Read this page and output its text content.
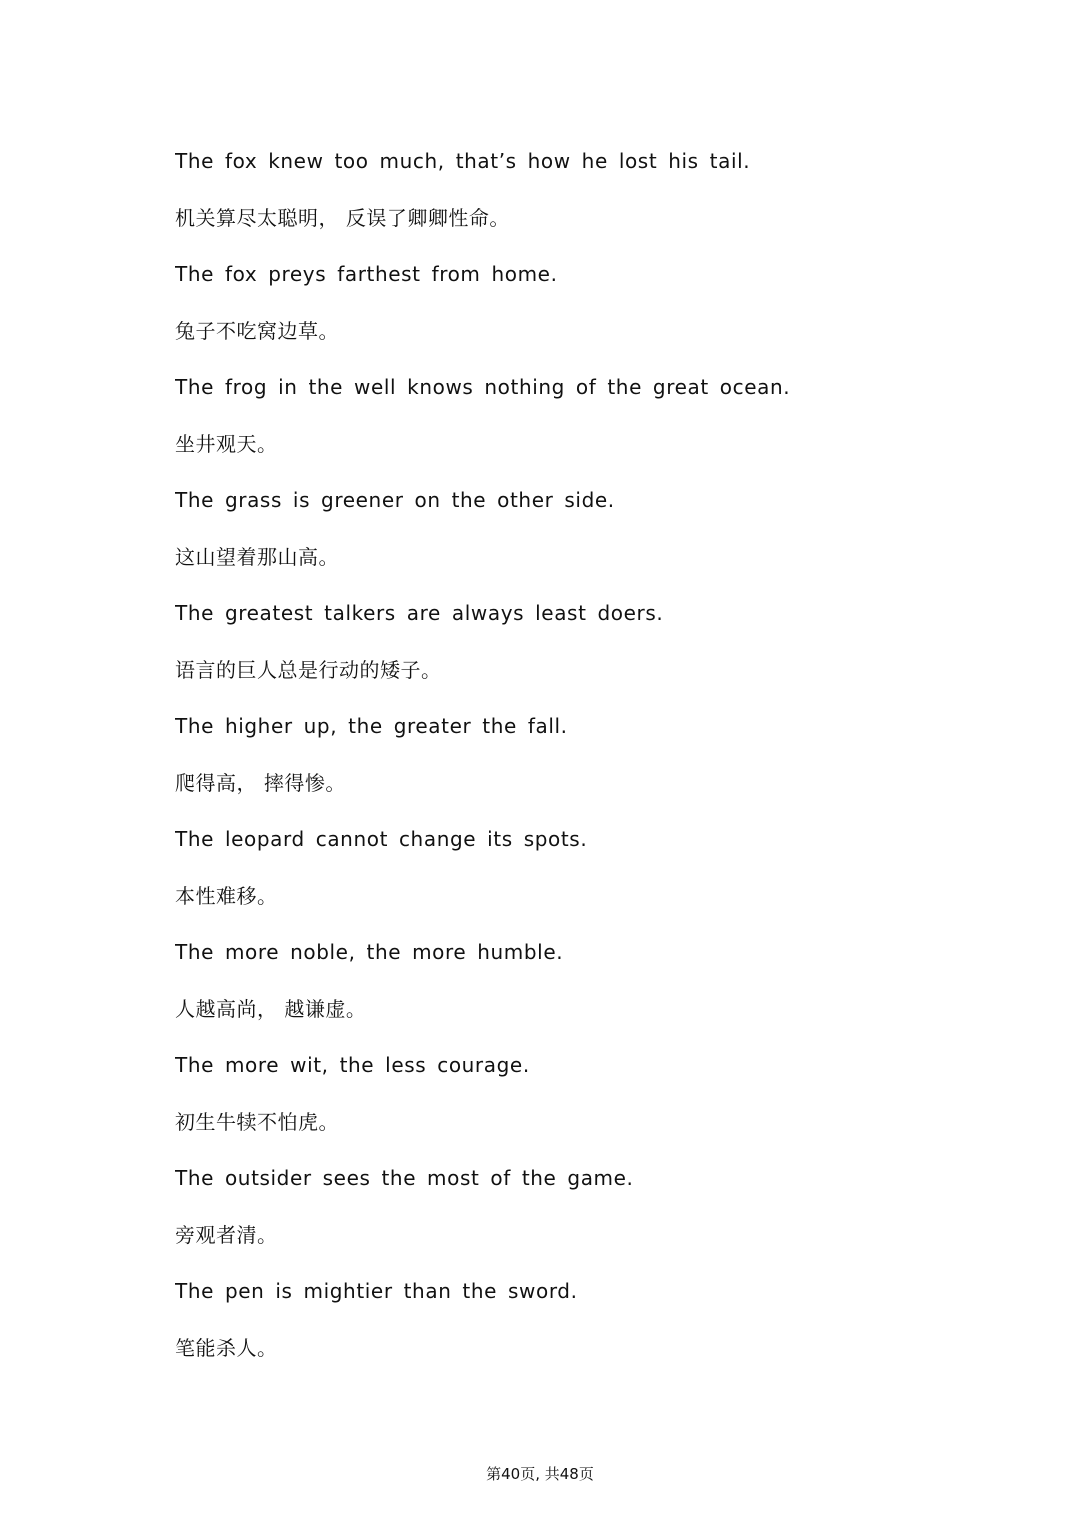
The fox knew too much, that’s how he lost his tail.
机关算尽太聪明， 反误了卿卿性命。
The fox preys farthest from home.
兔子不吃窝边草。
The frog in the well knows nothing of the great ocean.
坐井观天。
The grass is greener on the other side.
这山望着那山高。
The greatest talkers are always least doers.
语言的巨人总是行动的矮子。
The higher up, the greater the fall.
爬得高， 摔得惨。
The leopard cannot change its spots.
本性难移。
The more noble, the more humble.
人越高尚， 越谦虚。
The more wit, the less courage.
初生牛犊不怕虎。
The outsider sees the most of the game.
旁观者清。
The pen is mightier than the sword.
笔能杀人。
第40页, 共48页
